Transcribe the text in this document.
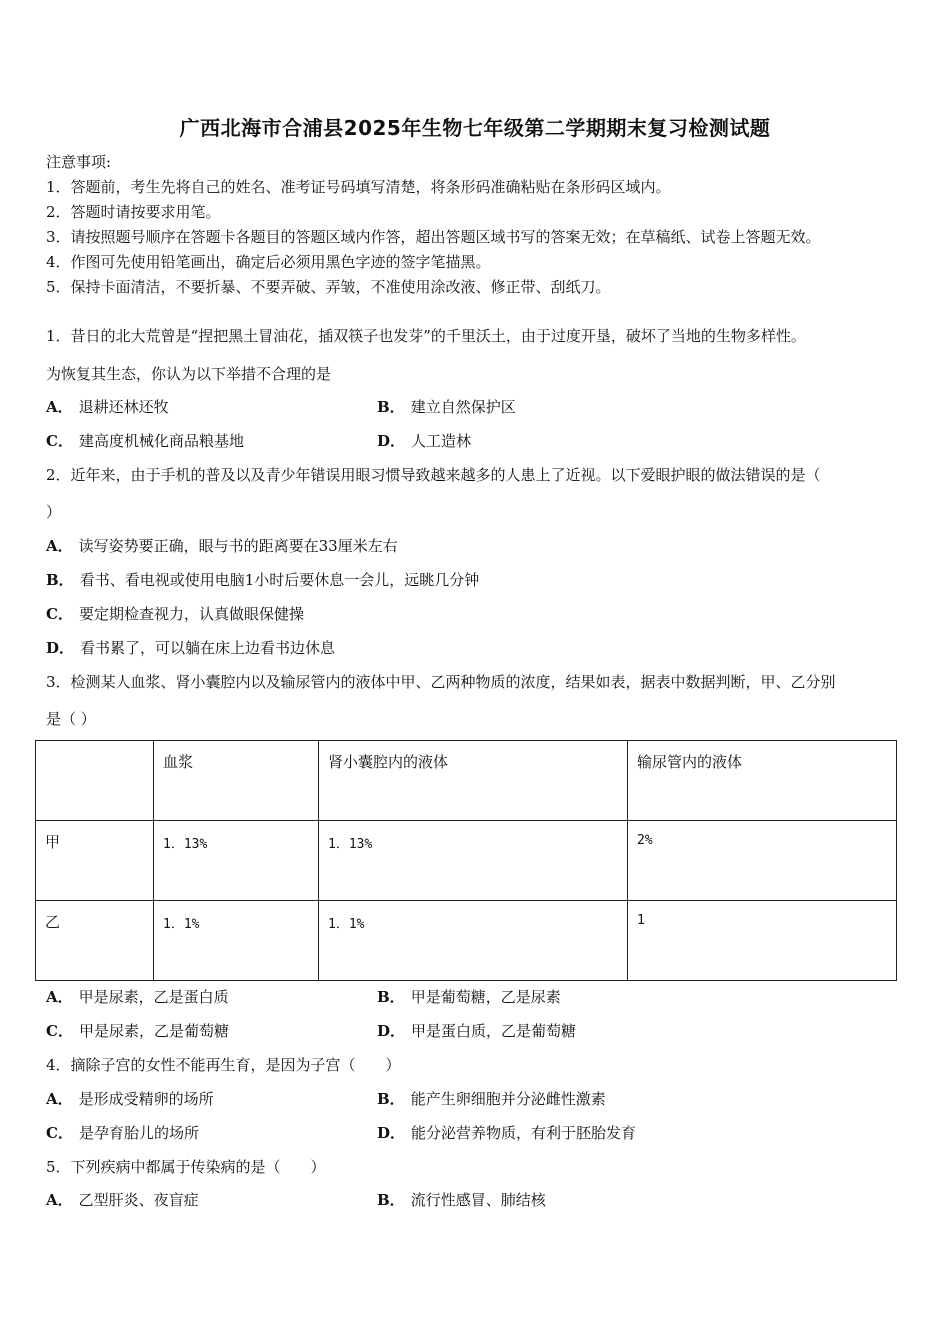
广西北海市合浦县2025年生物七年级第二学期期末复习检测试题
注意事项:
1．答题前，考生先将自己的姓名、准考证号码填写清楚，将条形码准确粘贴在条形码区域内。
2．答题时请按要求用笔。
3．请按照题号顺序在答题卡各题目的答题区域内作答，超出答题区域书写的答案无效；在草稿纸、试卷上答题无效。
4．作图可先使用铅笔画出，确定后必须用黑色字迹的签字笔描黑。
5．保持卡面清洁，不要折暴、不要弄破、弄皱，不准使用涂改液、修正带、刮纸刀。
1．昔日的北大荒曾是“捏把黑土冒油花，插双筷子也发芽”的千里沃土，由于过度开垦，破坏了当地的生物多样性。
为恢复其生态，你认为以下举措不合理的是
A． 退耕还林还牧	B． 建立自然保护区
C． 建高度机械化商品粮基地	D． 人工造林
2．近年来，由于手机的普及以及青少年错误用眼习惯导致越来越多的人患上了近视。以下爱眼护眼的做法错误的是（
）
A． 读写姿势要正确，眼与书的距离要在33厘米左右
B． 看书、看电视或使用电脑1小时后要休息一会儿，远眺几分钟
C． 要定期检查视力，认真做眼保健操
D． 看书累了，可以躺在床上边看书边休息
3．检测某人血浆、肾小囊腔内以及输尿管内的液体中甲、乙两种物质的浓度，结果如表，据表中数据判断，甲、乙分别
是（ ）
	血浆	肾小囊腔内的液体	输尿管内的液体
甲	1．13%	1．13%	2%
乙	1．1%	1．1%	1
A． 甲是尿素，乙是蛋白质	B． 甲是葡萄糖，乙是尿素
C． 甲是尿素，乙是葡萄糖	D． 甲是蛋白质，乙是葡萄糖
4．摘除子宫的女性不能再生育，是因为子宫（　　）
A． 是形成受精卵的场所	B． 能产生卵细胞并分泌雌性激素
C． 是孕育胎儿的场所	D． 能分泌营养物质，有利于胚胎发育
5．下列疾病中都属于传染病的是（　　）
A． 乙型肝炎、夜盲症	B． 流行性感冒、肺结核
